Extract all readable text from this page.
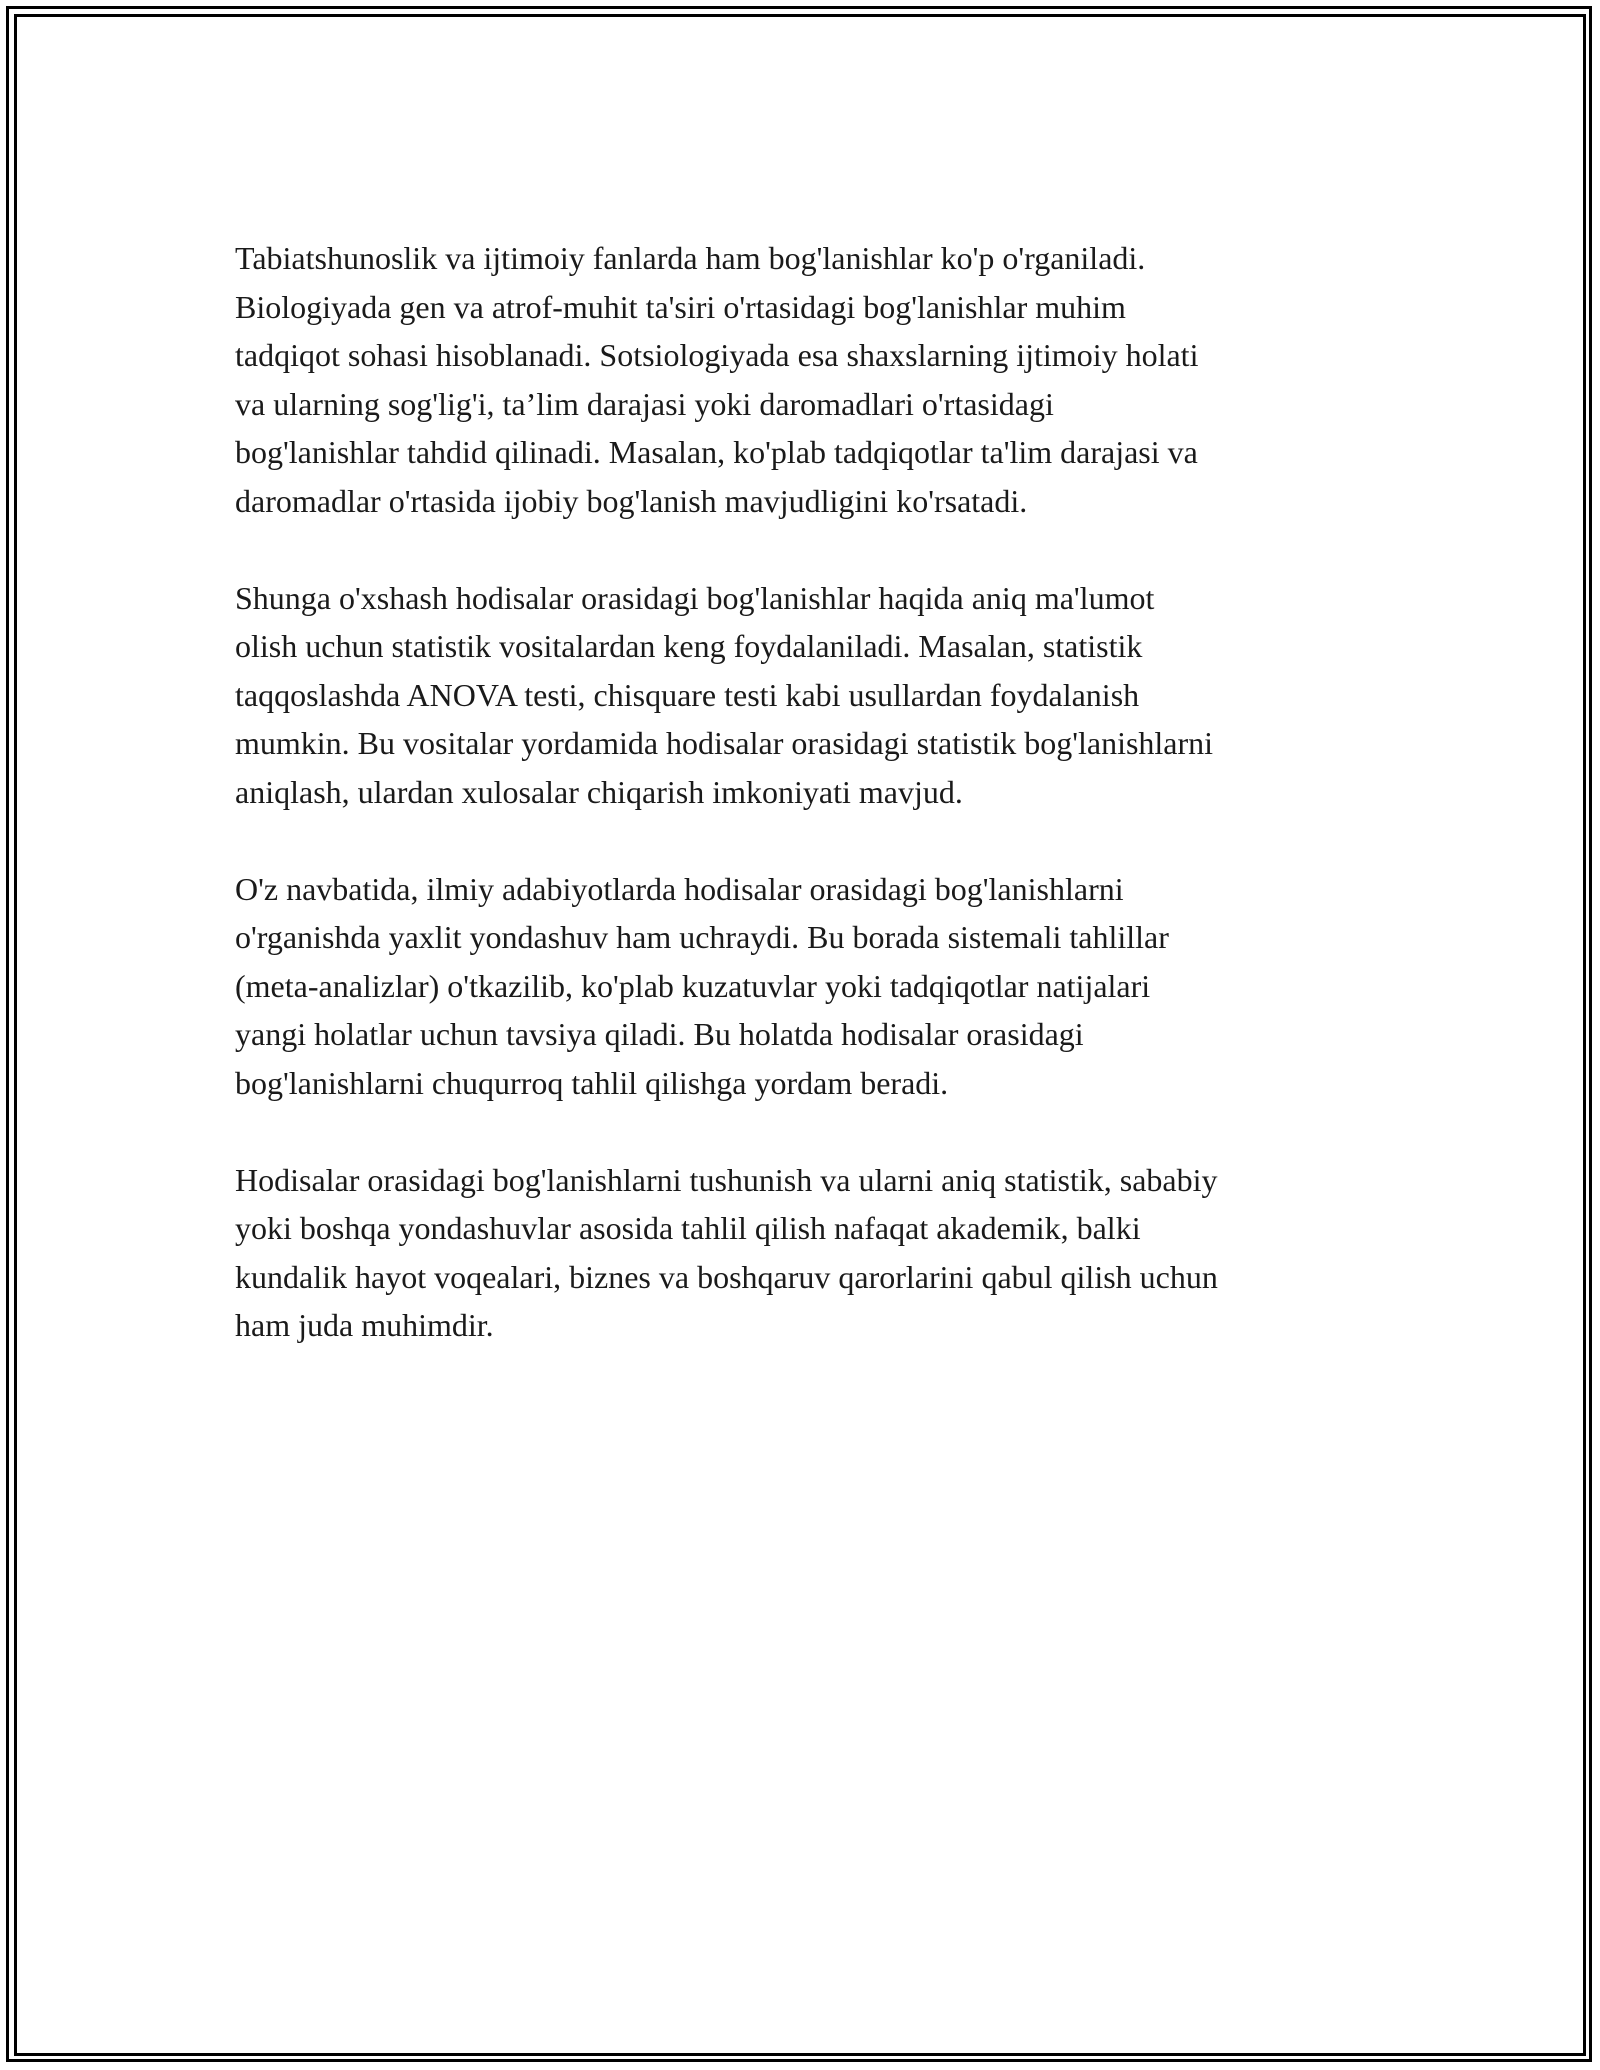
Tabiatshunoslik va ijtimoiy fanlarda ham bog'lanishlar ko'p o'rganiladi.
Biologiyada gen va atrof-muhit ta'siri o'rtasidagi bog'lanishlar muhim
tadqiqot sohasi hisoblanadi. Sotsiologiyada esa shaxslarning ijtimoiy holati
va ularning sog'lig'i, ta’lim darajasi yoki daromadlari o'rtasidagi
bog'lanishlar tahdid qilinadi. Masalan, ko'plab tadqiqotlar ta'lim darajasi va
daromadlar o'rtasida ijobiy bog'lanish mavjudligini ko'rsatadi.

Shunga o'xshash hodisalar orasidagi bog'lanishlar haqida aniq ma'lumot
olish uchun statistik vositalardan keng foydalaniladi. Masalan, statistik
taqqoslashda ANOVA testi, chisquare testi kabi usullardan foydalanish
mumkin. Bu vositalar yordamida hodisalar orasidagi statistik bog'lanishlarni
aniqlash, ulardan xulosalar chiqarish imkoniyati mavjud.

O'z navbatida, ilmiy adabiyotlarda hodisalar orasidagi bog'lanishlarni
o'rganishda yaxlit yondashuv ham uchraydi. Bu borada sistemali tahlillar
(meta-analizlar) o'tkazilib, ko'plab kuzatuvlar yoki tadqiqotlar natijalari
yangi holatlar uchun tavsiya qiladi. Bu holatda hodisalar orasidagi
bog'lanishlarni chuqurroq tahlil qilishga yordam beradi.

Hodisalar orasidagi bog'lanishlarni tushunish va ularni aniq statistik, sababiy
yoki boshqa yondashuvlar asosida tahlil qilish nafaqat akademik, balki
kundalik hayot voqealari, biznes va boshqaruv qarorlarini qabul qilish uchun
ham juda muhimdir.
